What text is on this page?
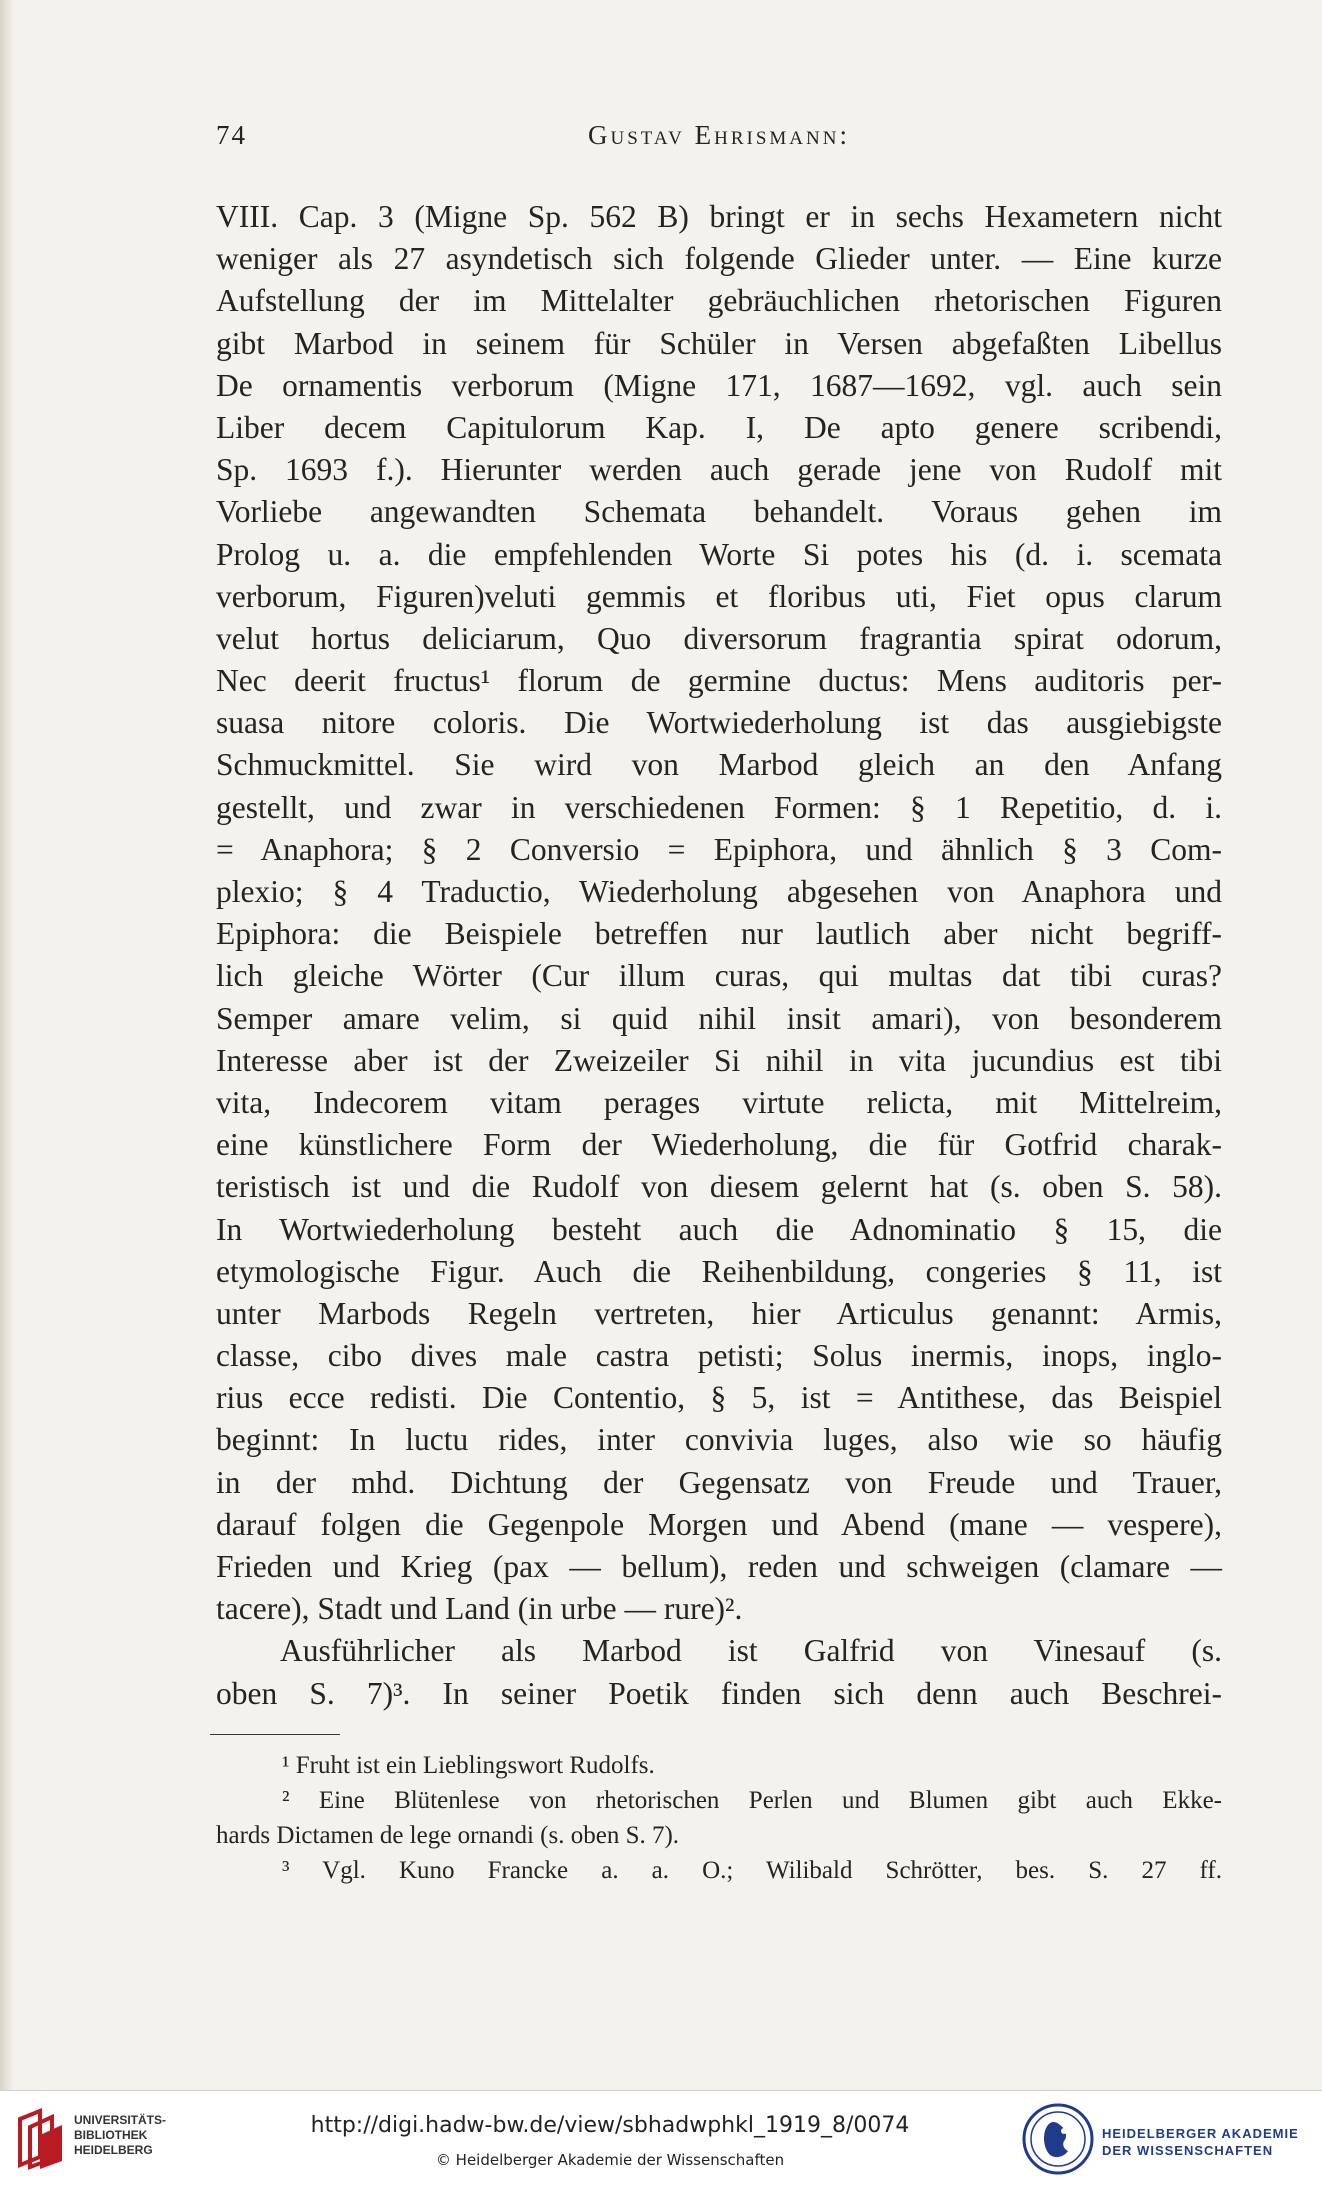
74	Gustav Ehrismann:
VIII. Cap. 3 (Migne Sp. 562 B) bringt er in sechs Hexametern nicht
weniger als 27 asyndetisch sich folgende Glieder unter. — Eine kurze
Aufstellung der im Mittelalter gebräuchlichen rhetorischen Figuren
gibt Marbod in seinem für Schüler in Versen abgefaßten Libellus
De ornamentis verborum (Migne 171, 1687—1692, vgl. auch sein
Liber decem Capitulorum Kap. I, De apto genere scribendi,
Sp. 1693 f.). Hierunter werden auch gerade jene von Rudolf mit
Vorliebe angewandten Schemata behandelt. Voraus gehen im
Prolog u. a. die empfehlenden Worte Si potes his (d. i. scemata
verborum, Figuren)veluti gemmis et floribus uti, Fiet opus clarum
velut hortus deliciarum, Quo diversorum fragrantia spirat odorum,
Nec deerit fructus¹ florum de germine ductus: Mens auditoris per-
suasa nitore coloris. Die Wortwiederholung ist das ausgiebigste
Schmuckmittel. Sie wird von Marbod gleich an den Anfang
gestellt, und zwar in verschiedenen Formen: § 1 Repetitio, d. i.
= Anaphora; § 2 Conversio = Epiphora, und ähnlich § 3 Com-
plexio; § 4 Traductio, Wiederholung abgesehen von Anaphora und
Epiphora: die Beispiele betreffen nur lautlich aber nicht begriff-
lich gleiche Wörter (Cur illum curas, qui multas dat tibi curas?
Semper amare velim, si quid nihil insit amari), von besonderem
Interesse aber ist der Zweizeiler Si nihil in vita jucundius est tibi
vita, Indecorem vitam perages virtute relicta, mit Mittelreim,
eine künstlichere Form der Wiederholung, die für Gotfrid charak-
teristisch ist und die Rudolf von diesem gelernt hat (s. oben S. 58).
In Wortwiederholung besteht auch die Adnominatio § 15, die
etymologische Figur. Auch die Reihenbildung, congeries § 11, ist
unter Marbods Regeln vertreten, hier Articulus genannt: Armis,
classe, cibo dives male castra petisti; Solus inermis, inops, inglo-
rius ecce redisti. Die Contentio, § 5, ist = Antithese, das Beispiel
beginnt: In luctu rides, inter convivia luges, also wie so häufig
in der mhd. Dichtung der Gegensatz von Freude und Trauer,
darauf folgen die Gegenpole Morgen und Abend (mane — vespere),
Frieden und Krieg (pax — bellum), reden und schweigen (clamare —
tacere), Stadt und Land (in urbe — rure)².
Ausführlicher als Marbod ist Galfrid von Vinesauf (s.
oben S. 7)³. In seiner Poetik finden sich denn auch Beschrei-
¹ Fruht ist ein Lieblingswort Rudolfs.
² Eine Blütenlese von rhetorischen Perlen und Blumen gibt auch Ekke-
hards Dictamen de lege ornandi (s. oben S. 7).
³ Vgl. Kuno Francke a. a. O.; Wilibald Schrötter, bes. S. 27 ff.
UNIVERSITÄTS-
BIBLIOTHEK
HEIDELBERG
http://digi.hadw-bw.de/view/sbhadwphkl_1919_8/0074
© Heidelberger Akademie der Wissenschaften
HEIDELBERGER AKADEMIE
DER WISSENSCHAFTEN
